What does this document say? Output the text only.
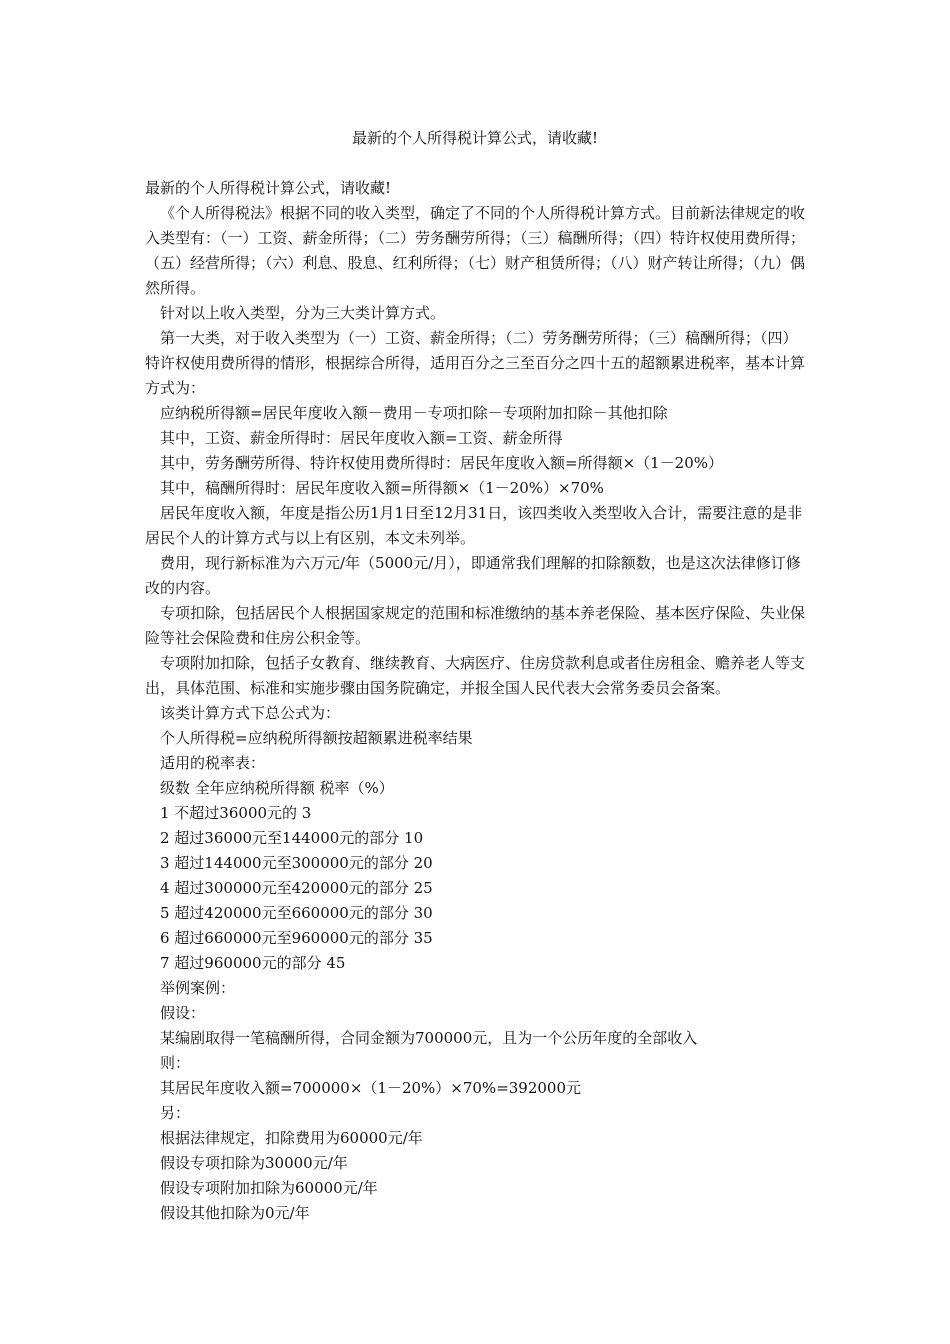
最新的个人所得税计算公式，请收藏!

最新的个人所得税计算公式，请收藏!

《个人所得税法》根据不同的收入类型，确定了不同的个人所得税计算方式。目前新法律规定的收入类型有：（一）工资、薪金所得；（二）劳务酬劳所得；（三）稿酬所得；（四）特许权使用费所得；（五）经营所得；（六）利息、股息、红利所得；（七）财产租赁所得；（八）财产转让所得；（九）偶然所得。

针对以上收入类型，分为三大类计算方式。

第一大类，对于收入类型为（一）工资、薪金所得；（二）劳务酬劳所得；（三）稿酬所得；（四）特许权使用费所得的情形，根据综合所得，适用百分之三至百分之四十五的超额累进税率，基本计算方式为：

应纳税所得额=居民年度收入额－费用－专项扣除－专项附加扣除－其他扣除

其中，工资、薪金所得时：居民年度收入额=工资、薪金所得

其中，劳务酬劳所得、特许权使用费所得时：居民年度收入额=所得额×（1－20%）

其中，稿酬所得时：居民年度收入额=所得额×（1－20%）×70%

居民年度收入额，年度是指公历1月1日至12月31日，该四类收入类型收入合计，需要注意的是非居民个人的计算方式与以上有区别，本文未列举。

费用，现行新标准为六万元/年（5000元/月），即通常我们理解的扣除额数，也是这次法律修订修改的内容。

专项扣除，包括居民个人根据国家规定的范围和标准缴纳的基本养老保险、基本医疗保险、失业保险等社会保险费和住房公积金等。

专项附加扣除，包括子女教育、继续教育、大病医疗、住房贷款利息或者住房租金、赡养老人等支出，具体范围、标准和实施步骤由国务院确定，并报全国人民代表大会常务委员会备案。

该类计算方式下总公式为：

个人所得税=应纳税所得额按超额累进税率结果

适用的税率表：

级数 全年应纳税所得额 税率（%）

1 不超过36000元的 3

2 超过36000元至144000元的部分 10

3 超过144000元至300000元的部分 20

4 超过300000元至420000元的部分 25

5 超过420000元至660000元的部分 30

6 超过660000元至960000元的部分 35

7 超过960000元的部分 45

举例案例：

假设：

某编剧取得一笔稿酬所得，合同金额为700000元，且为一个公历年度的全部收入

则：

其居民年度收入额=700000×（1－20%）×70%=392000元

另：

根据法律规定，扣除费用为60000元/年

假设专项扣除为30000元/年

假设专项附加扣除为60000元/年

假设其他扣除为0元/年
